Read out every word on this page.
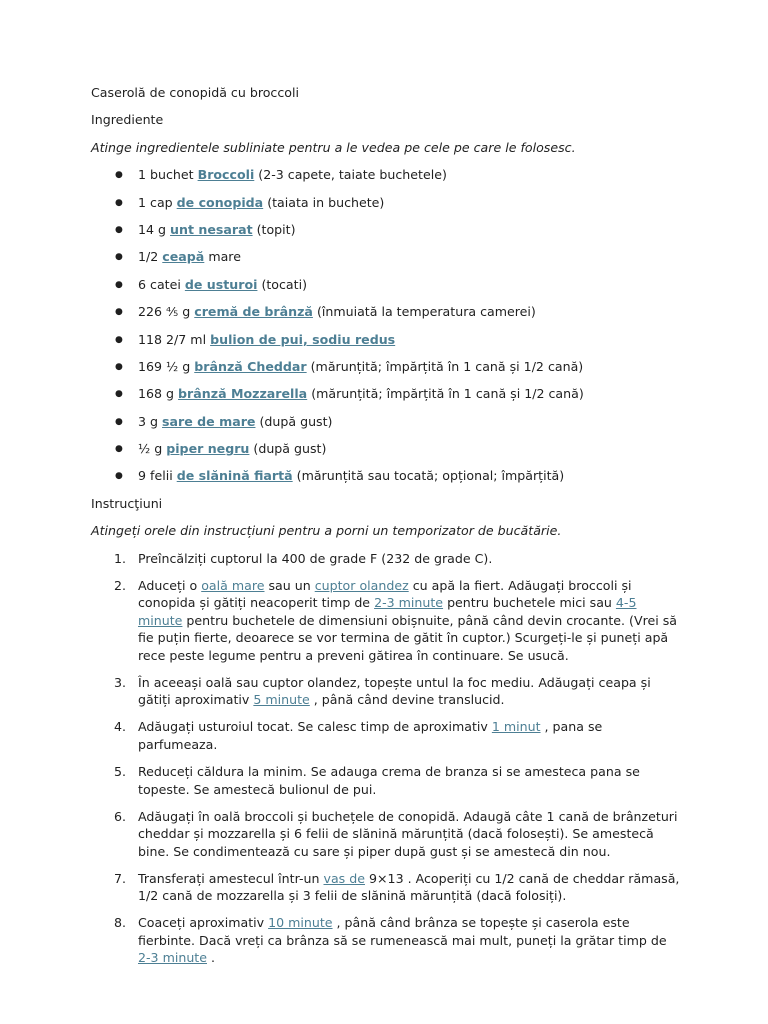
Caserolă de conopidă cu broccoli

Ingrediente

Atinge ingredientele subliniate pentru a le vedea pe cele pe care le folosesc.

● 1 buchet Broccoli (2-3 capete, taiate buchetele)
● 1 cap de conopida (taiata in buchete)
● 14 g unt nesarat (topit)
● 1/2 ceapă mare
● 6 catei de usturoi (tocati)
● 226 ⅘ g cremă de brânză (înmuiată la temperatura camerei)
● 118 2/7 ml bulion de pui, sodiu redus
● 169 ½ g brânză Cheddar (mărunțită; împărțită în 1 cană și 1/2 cană)
● 168 g brânză Mozzarella (mărunțită; împărțită în 1 cană și 1/2 cană)
● 3 g sare de mare (după gust)
● ½ g piper negru (după gust)
● 9 felii de slănină fiartă (mărunțită sau tocată; opțional; împărțită)

Instrucţiuni

Atingeți orele din instrucțiuni pentru a porni un temporizator de bucătărie.

1. Preîncălziți cuptorul la 400 de grade F (232 de grade C).
2. Aduceți o oală mare sau un cuptor olandez cu apă la fiert. Adăugați broccoli și conopida și gătiți neacoperit timp de 2-3 minute pentru buchetele mici sau 4-5 minute pentru buchetele de dimensiuni obișnuite, până când devin crocante. (Vrei să fie puțin fierte, deoarece se vor termina de gătit în cuptor.) Scurgeți-le și puneți apă rece peste legume pentru a preveni gătirea în continuare. Se usucă.
3. În aceeași oală sau cuptor olandez, topește untul la foc mediu. Adăugați ceapa și gătiți aproximativ 5 minute , până când devine translucid.
4. Adăugați usturoiul tocat. Se calesc timp de aproximativ 1 minut , pana se parfumeaza.
5. Reduceți căldura la minim. Se adauga crema de branza si se amesteca pana se topeste. Se amestecă bulionul de pui.
6. Adăugați în oală broccoli și buchețele de conopidă. Adaugă câte 1 cană de brânzeturi cheddar și mozzarella și 6 felii de slănină mărunțită (dacă folosești). Se amestecă bine. Se condimentează cu sare și piper după gust și se amestecă din nou.
7. Transferați amestecul într-un vas de 9×13 . Acoperiți cu 1/2 cană de cheddar rămasă, 1/2 cană de mozzarella și 3 felii de slănină mărunțită (dacă folosiți).
8. Coaceți aproximativ 10 minute , până când brânza se topește și caserola este fierbinte. Dacă vreți ca brânza să se rumenească mai mult, puneți la grătar timp de 2-3 minute .
